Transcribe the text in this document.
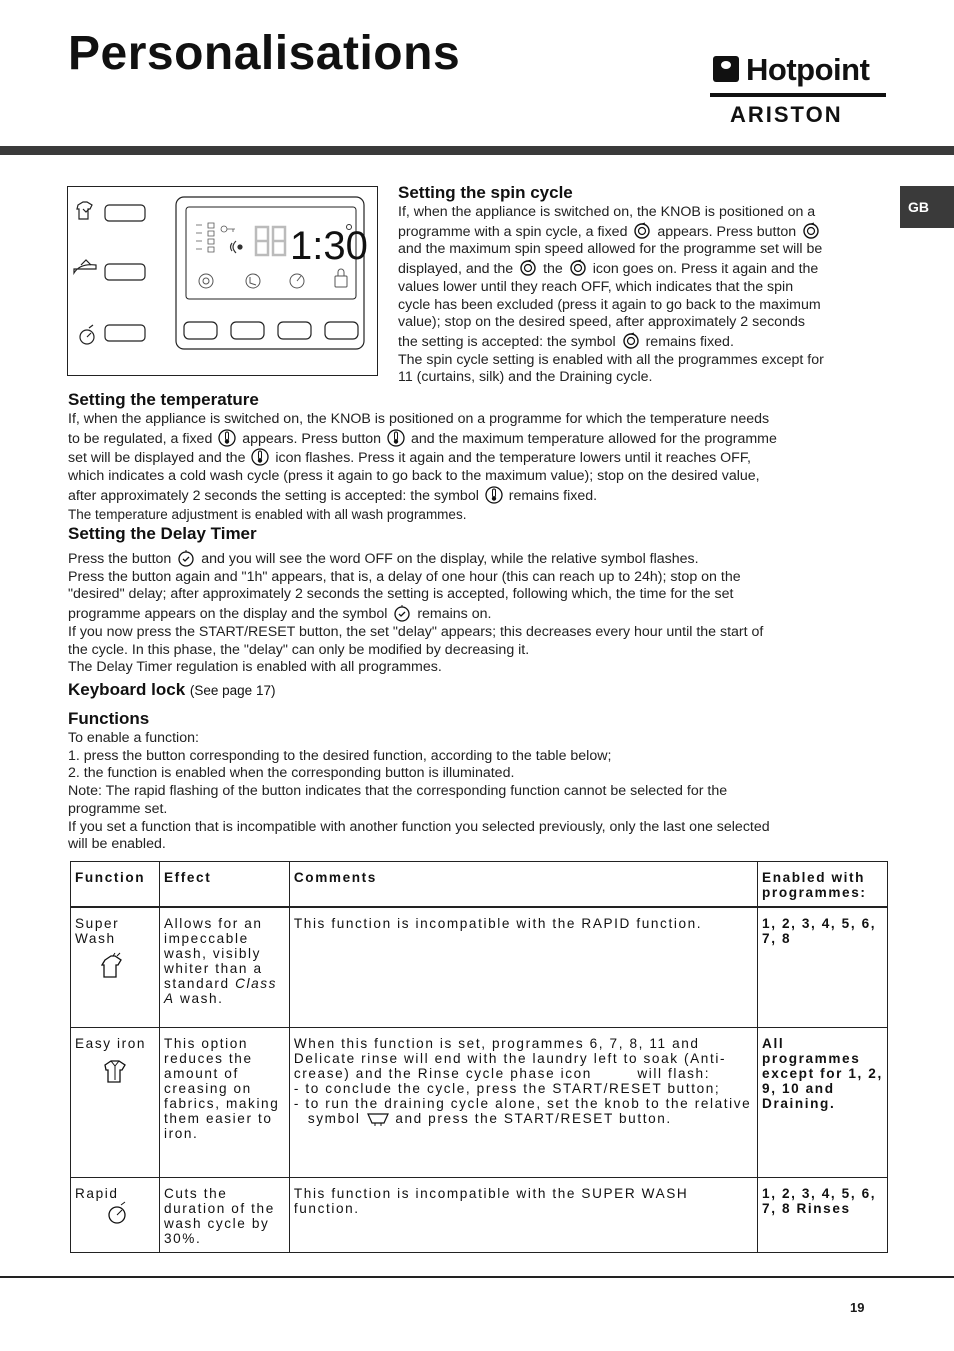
Personalisations	Hotpoint
ARISTON
GB
1:30
Setting the spin cycle
If, when the appliance is switched on, the KNOB is positioned on a
programme with a spin cycle, a fixed appears. Press button
and the maximum spin speed allowed for the programme set will be
displayed, and the the icon goes on. Press it again and the
values lower until they reach OFF, which indicates that the spin
cycle has been excluded (press it again to go back to the maximum
value); stop on the desired speed, after approximately 2 seconds
the setting is accepted: the symbol remains fixed.
The spin cycle setting is enabled with all the programmes except for
11 (curtains, silk) and the Draining cycle.
Setting the temperature
If, when the appliance is switched on, the KNOB is positioned on a programme for which the temperature needs
to be regulated, a fixed appears. Press button and the maximum temperature allowed for the programme
set will be displayed and the icon flashes. Press it again and the temperature lowers until it reaches OFF,
which indicates a cold wash cycle (press it again to go back to the maximum value); stop on the desired value,
after approximately 2 seconds the setting is accepted: the symbol remains fixed.
The temperature adjustment is enabled with all wash programmes.
Setting the Delay Timer
Press the button and you will see the word OFF on the display, while the relative symbol flashes.
Press the button again and "1h" appears, that is, a delay of one hour (this can reach up to 24h); stop on the
"desired" delay; after approximately 2 seconds the setting is accepted, following which, the time for the set
programme appears on the display and the symbol remains on.
If you now press the START/RESET button, the set "delay" appears; this decreases every hour until the start of
the cycle. In this phase, the "delay" can only be modified by decreasing it.
The Delay Timer regulation is enabled with all programmes.
Keyboard lock (See page 17)
Functions
To enable a function:
1. press the button corresponding to the desired function, according to the table below;
2. the function is enabled when the corresponding button is illuminated.
Note: The rapid flashing of the button indicates that the corresponding function cannot be selected for the
programme set.
If you set a function that is incompatible with another function you selected previously, only the last one selected
will be enabled.
Function	Effect	Comments	Enabled with programmes:

Super Wash	Allows for an impeccable wash, visibly whiter than a standard Class A wash.	This function is incompatible with the RAPID function.	1, 2, 3, 4, 5, 6, 7, 8

Easy iron	This option reduces the amount of creasing on fabrics, making them easier to iron.	When this function is set, programmes 6, 7, 8, 11 and Delicate rinse will end with the laundry left to soak (Anti-crease) and the Rinse cycle phase icon will flash:
- to conclude the cycle, press the START/RESET button;
- to run the draining cycle alone, set the knob to the relative symbol and press the START/RESET button.	All programmes except for 1, 2, 9, 10 and Draining.

Rapid	Cuts the duration of the wash cycle by 30%.	This function is incompatible with the SUPER WASH function.	1, 2, 3, 4, 5, 6, 7, 8 Rinses
19
